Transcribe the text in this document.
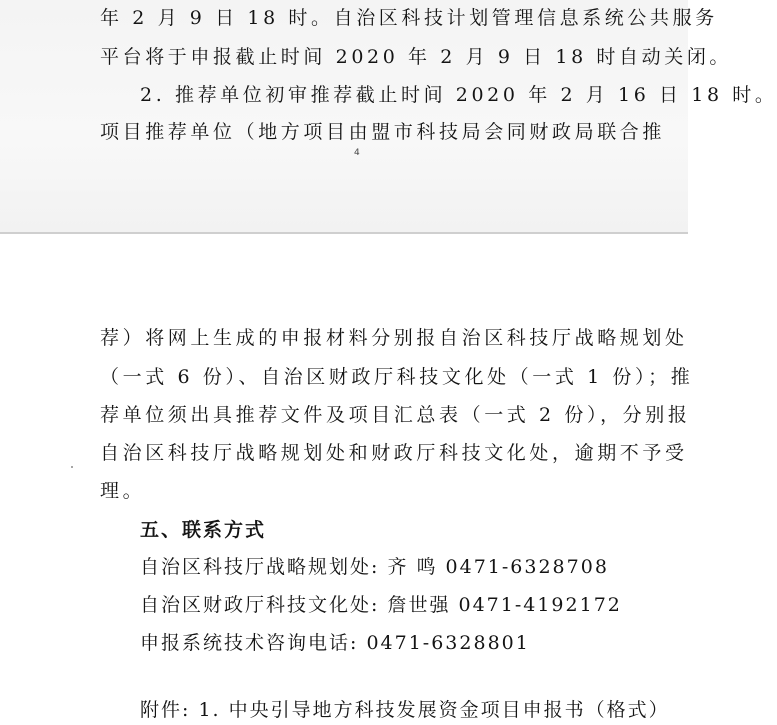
年 2 月 9 日 18 时。自治区科技计划管理信息系统公共服务
平台将于申报截止时间 2020 年 2 月 9 日 18 时自动关闭。
2. 推荐单位初审推荐截止时间 2020 年 2 月 16 日 18 时。
项目推荐单位（地方项目由盟市科技局会同财政局联合推
4
荐）将网上生成的申报材料分别报自治区科技厅战略规划处
（一式 6 份）、自治区财政厅科技文化处（一式 1 份）；推
荐单位须出具推荐文件及项目汇总表（一式 2 份），分别报
自治区科技厅战略规划处和财政厅科技文化处，逾期不予受
理。
五、联系方式
自治区科技厅战略规划处: 齐 鸣 0471-6328708
自治区财政厅科技文化处: 詹世强 0471-4192172
申报系统技术咨询电话: 0471-6328801
附件: 1. 中央引导地方科技发展资金项目申报书（格式）
